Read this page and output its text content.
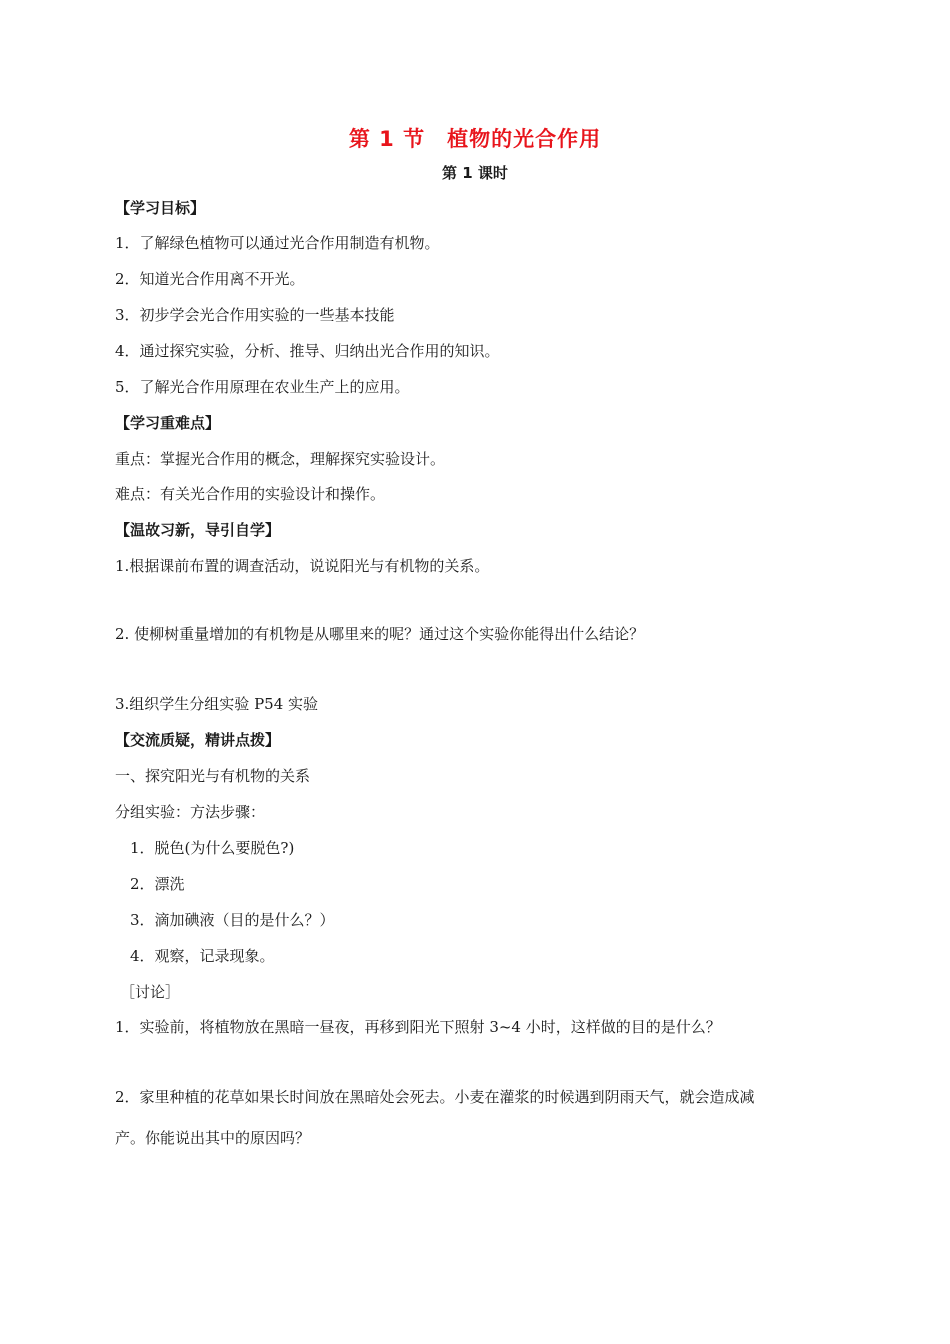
第 1 节　植物的光合作用
第 1 课时
【学习目标】
1．了解绿色植物可以通过光合作用制造有机物。
2．知道光合作用离不开光。
3．初步学会光合作用实验的一些基本技能
4．通过探究实验，分析、推导、归纳出光合作用的知识。
5．了解光合作用原理在农业生产上的应用。
【学习重难点】
重点：掌握光合作用的概念，理解探究实验设计。
难点：有关光合作用的实验设计和操作。
【温故习新，导引自学】
1.根据课前布置的调查活动，说说阳光与有机物的关系。
2. 使柳树重量增加的有机物是从哪里来的呢？通过这个实验你能得出什么结论？
3.组织学生分组实验 P54 实验
【交流质疑，精讲点拨】
一、探究阳光与有机物的关系
分组实验：方法步骤：
1．脱色(为什么要脱色?)
2．漂洗
3．滴加碘液（目的是什么？）
4．观察，记录现象。
［讨论］
1．实验前，将植物放在黑暗一昼夜，再移到阳光下照射 3~4 小时，这样做的目的是什么？
2．家里种植的花草如果长时间放在黑暗处会死去。小麦在灌浆的时候遇到阴雨天气，就会造成减
产。你能说出其中的原因吗？
